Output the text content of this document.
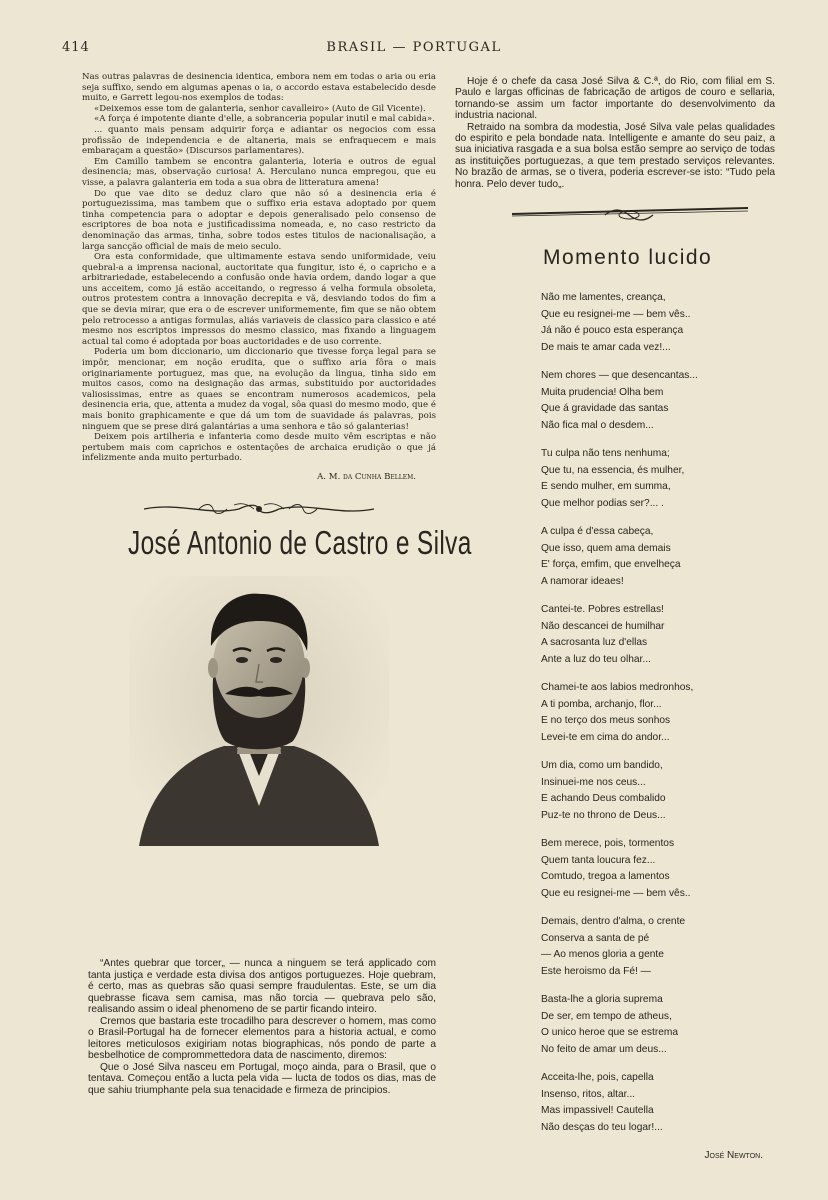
414	BRASIL — PORTUGAL

Nas outras palavras de desinencia identica, embora nem em todas o aria ou eria seja suffixo, sendo em algumas apenas o ia, o accordo estava estabelecido desde muito, e Garrett legou-nos exemplos de todas:

«Deixemos esse tom de galanteria, senhor cavalleiro» (Auto de Gil Vicente).

«A força é impotente diante d'elle, a sobranceria popular inutil e mal cabida».

... quanto mais pensam adquirir força e adiantar os negocios com essa profissão de independencia e de altaneria, mais se enfraquecem e mais embaraçam a questão» (Discursos parlamentares).

Em Camillo tambem se encontra galanteria, loteria e outros de egual desinencia; mas, observação curiosa! A. Herculano nunca empregou, que eu visse, a palavra galanteria em toda a sua obra de litteratura amena!

Do que vae dito se deduz claro que não só a desinencia eria é portuguezissima, mas tambem que o suffixo eria estava adoptado por quem tinha competencia para o adoptar e depois generalisado pelo consenso de escriptores de boa nota e justificadissima nomeada, e, no caso restricto da denominação das armas, tinha, sobre todos estes titulos de nacionalisação, a larga sancção official de mais de meio seculo.

Ora esta conformidade, que ultimamente estava sendo uniformidade, veiu quebral-a a imprensa nacional, auctoritate qua fungitur, isto é, o capricho e a arbitrariedade, estabelecendo a confusão onde havia ordem, dando logar a que uns acceitem, como já estão acceitando, o regresso á velha formula obsoleta, outros protestem contra a innovação decrepita e vã, desviando todos do fim a que se devia mirar, que era o de escrever uniformemente, fim que se não obtem pelo retrocesso a antigas formulas, aliás variaveis de classico para classico e até mesmo nos escriptos impressos do mesmo classico, mas fixando a linguagem actual tal como é adoptada por boas auctoridades e de uso corrente.

Poderia um bom diccionario, um diccionario que tivesse força legal para se impôr, mencionar, em noção erudita, que o suffixo aria fôra o mais originariamente portuguez, mas que, na evolução da lingua, tinha sido em muitos casos, como na designação das armas, substituido por auctoridades valiosissimas, entre as quaes se encontram numerosos academicos, pela desinencia eria, que, attenta a mudez da vogal, sôa quasi do mesmo modo, que é mais bonito graphicamente e que dá um tom de suavidade ás palavras, pois ninguem que se prese dirá galantárias a uma senhora e tão só galanterias!

Deixem pois artilheria e infanteria como desde muito vêm escriptas e não pertubem mais com caprichos e ostentações de archaica erudição o que já infelizmente anda muito perturbado.

A. M. da Cunha Bellem.
José Antonio de Castro e Silva

“Antes quebrar que torcer„ — nunca a ninguem se terá applicado com tanta justiça e verdade esta divisa dos antigos portuguezes. Hoje quebram, é certo, mas as quebras são quasi sempre fraudulentas. Este, se um dia quebrasse ficava sem camisa, mas não torcia — quebrava pelo são, realisando assim o ideal phenomeno de se partir ficando inteiro.

Cremos que bastaria este trocadilho para descrever o homem, mas como o Brasil-Portugal ha de fornecer elementos para a historia actual, e como leitores meticulosos exigiriam notas biographicas, nós pondo de parte a besbelhotice de comprommettedora data de nascimento, diremos:

Que o José Silva nasceu em Portugal, moço ainda, para o Brasil, que o tentava. Começou então a lucta pela vida — lucta de todos os dias, mas de que sahiu triumphante pela sua tenacidade e firmeza de principios.

Hoje é o chefe da casa José Silva & C.ª, do Rio, com filial em S. Paulo e largas officinas de fabricação de artigos de couro e sellaria, tornando-se assim um factor importante do desenvolvimento da industria nacional.

Retraido na sombra da modestia, José Silva vale pelas qualidades do espirito e pela bondade nata. Intelligente e amante do seu paiz, a sua iniciativa rasgada e a sua bolsa estão sempre ao serviço de todas as instituições portuguezas, a que tem prestado serviços relevantes. No brazão de armas, se o tivera, poderia escrever-se isto: “Tudo pela honra. Pelo dever tudo„.

Momento lucido
Não me lamentes, creança,
Que eu resignei-me — bem vês..
Já não é pouco esta esperança
De mais te amar cada vez!...
Nem chores — que desencantas...
Muita prudencia! Olha bem
Que á gravidade das santas
Não fica mal o desdem...
Tu culpa não tens nenhuma;
Que tu, na essencia, és mulher,
E sendo mulher, em summa,
Que melhor podias ser?... .
A culpa é d'essa cabeça,
Que isso, quem ama demais
E' força, emfim, que envelheça
A namorar ideaes!
Cantei-te. Pobres estrellas!
Não descancei de humilhar
A sacrosanta luz d'ellas
Ante a luz do teu olhar...
Chamei-te aos labios medronhos,
A ti pomba, archanjo, flor...
E no terço dos meus sonhos
Levei-te em cima do andor...
Um dia, como um bandido,
Insinuei-me nos ceus...
E achando Deus combalido
Puz-te no throno de Deus...
Bem merece, pois, tormentos
Quem tanta loucura fez...
Comtudo, tregoa a lamentos
Que eu resignei-me — bem vês..
Demais, dentro d'alma, o crente
Conserva a santa de pé
— Ao menos gloria a gente
Este heroismo da Fé! —
Basta-lhe a gloria suprema
De ser, em tempo de atheus,
O unico heroe que se estrema
No feito de amar um deus...
Acceita-lhe, pois, capella
Insenso, ritos, altar...
Mas impassivel! Cautella
Não desças do teu logar!...
José Newton.
